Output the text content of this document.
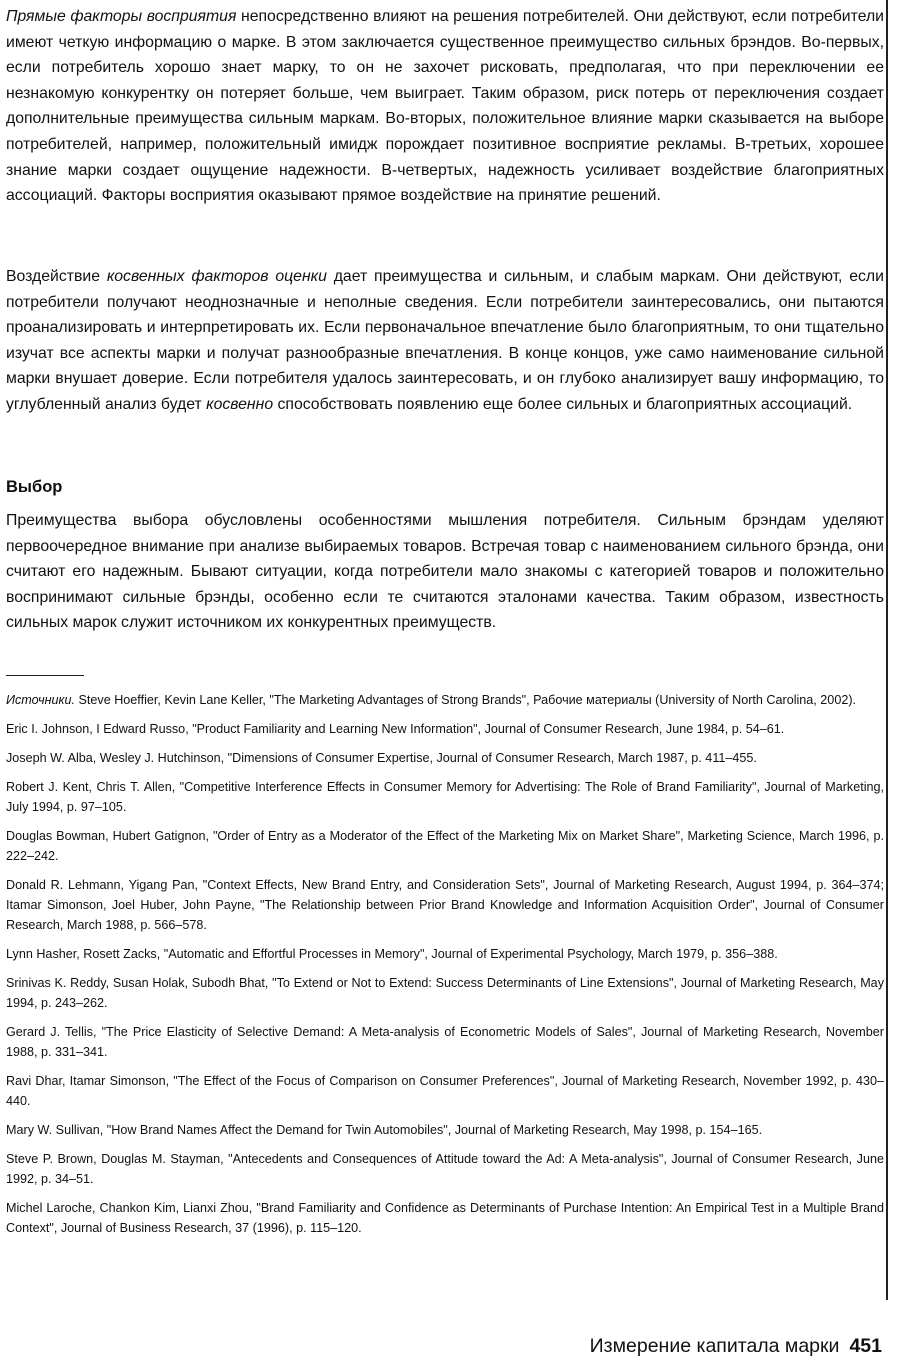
Прямые факторы восприятия непосредственно влияют на решения потребителей. Они действуют, если потребители имеют четкую информацию о марке. В этом заключается существенное преимущество сильных брэндов. Во-первых, если потребитель хорошо знает марку, то он не захочет рисковать, предполагая, что при переключении ее незнакомую конкурентку он потеряет больше, чем выиграет. Таким образом, риск потерь от переключения создает дополнительные преимущества сильным маркам. Во-вторых, положительное влияние марки сказывается на выборе потребителей, например, положительный имидж порождает позитивное восприятие рекламы. В-третьих, хорошее знание марки создает ощущение надежности. В-четвертых, надежность усиливает воздействие благоприятных ассоциаций. Факторы восприятия оказывают прямое воздействие на принятие решений.

Воздействие косвенных факторов оценки дает преимущества и сильным, и слабым маркам. Они действуют, если потребители получают неоднозначные и неполные сведения. Если потребители заинтересовались, они пытаются проанализировать и интерпретировать их. Если первоначальное впечатление было благоприятным, то они тщательно изучат все аспекты марки и получат разнообразные впечатления. В конце концов, уже само наименование сильной марки внушает доверие. Если потребителя удалось заинтересовать, и он глубоко анализирует вашу информацию, то углубленный анализ будет косвенно способствовать появлению еще более сильных и благоприятных ассоциаций.

Выбор

Преимущества выбора обусловлены особенностями мышления потребителя. Сильным брэндам уделяют первоочередное внимание при анализе выбираемых товаров. Встречая товар с наименованием сильного брэнда, они считают его надежным. Бывают ситуации, когда потребители мало знакомы с категорией товаров и положительно воспринимают сильные брэнды, особенно если те считаются эталонами качества. Таким образом, известность сильных марок служит источником их конкурентных преимуществ.

Источники. Steve Hoeffier, Kevin Lane Keller, "The Marketing Advantages of Strong Brands", Рабочие материалы (University of North Carolina, 2002).

Eric I. Johnson, I Edward Russo, "Product Familiarity and Learning New Information", Journal of Consumer Research, June 1984, p. 54–61.

Joseph W. Alba, Wesley J. Hutchinson, "Dimensions of Consumer Expertise, Journal of Consumer Research, March 1987, p. 411–455.

Robert J. Kent, Chris T. Allen, "Competitive Interference Effects in Consumer Memory for Advertising: The Role of Brand Familiarity", Journal of Marketing, July 1994, p. 97–105.

Douglas Bowman, Hubert Gatignon, "Order of Entry as a Moderator of the Effect of the Marketing Mix on Market Share", Marketing Science, March 1996, p. 222–242.

Donald R. Lehmann, Yigang Pan, "Context Effects, New Brand Entry, and Consideration Sets", Journal of Marketing Research, August 1994, p. 364–374; Itamar Simonson, Joel Huber, John Payne, "The Relationship between Prior Brand Knowledge and Information Acquisition Order", Journal of Consumer Research, March 1988, p. 566–578.

Lynn Hasher, Rosett Zacks, "Automatic and Effortful Processes in Memory", Journal of Experimental Psychology, March 1979, p. 356–388.

Srinivas K. Reddy, Susan Holak, Subodh Bhat, "To Extend or Not to Extend: Success Determinants of Line Extensions", Journal of Marketing Research, May 1994, p. 243–262.

Gerard J. Tellis, "The Price Elasticity of Selective Demand: A Meta-analysis of Econometric Models of Sales", Journal of Marketing Research, November 1988, p. 331–341.

Ravi Dhar, Itamar Simonson, "The Effect of the Focus of Comparison on Consumer Preferences", Journal of Marketing Research, November 1992, p. 430–440.

Mary W. Sullivan, "How Brand Names Affect the Demand for Twin Automobiles", Journal of Marketing Research, May 1998, p. 154–165.

Steve P. Brown, Douglas M. Stayman, "Antecedents and Consequences of Attitude toward the Ad: A Meta-analysis", Journal of Consumer Research, June 1992, p. 34–51.

Michel Laroche, Chankon Kim, Lianxi Zhou, "Brand Familiarity and Confidence as Determinants of Purchase Intention: An Empirical Test in a Multiple Brand Context", Journal of Business Research, 37 (1996), p. 115–120.

Измерение капитала марки 451
